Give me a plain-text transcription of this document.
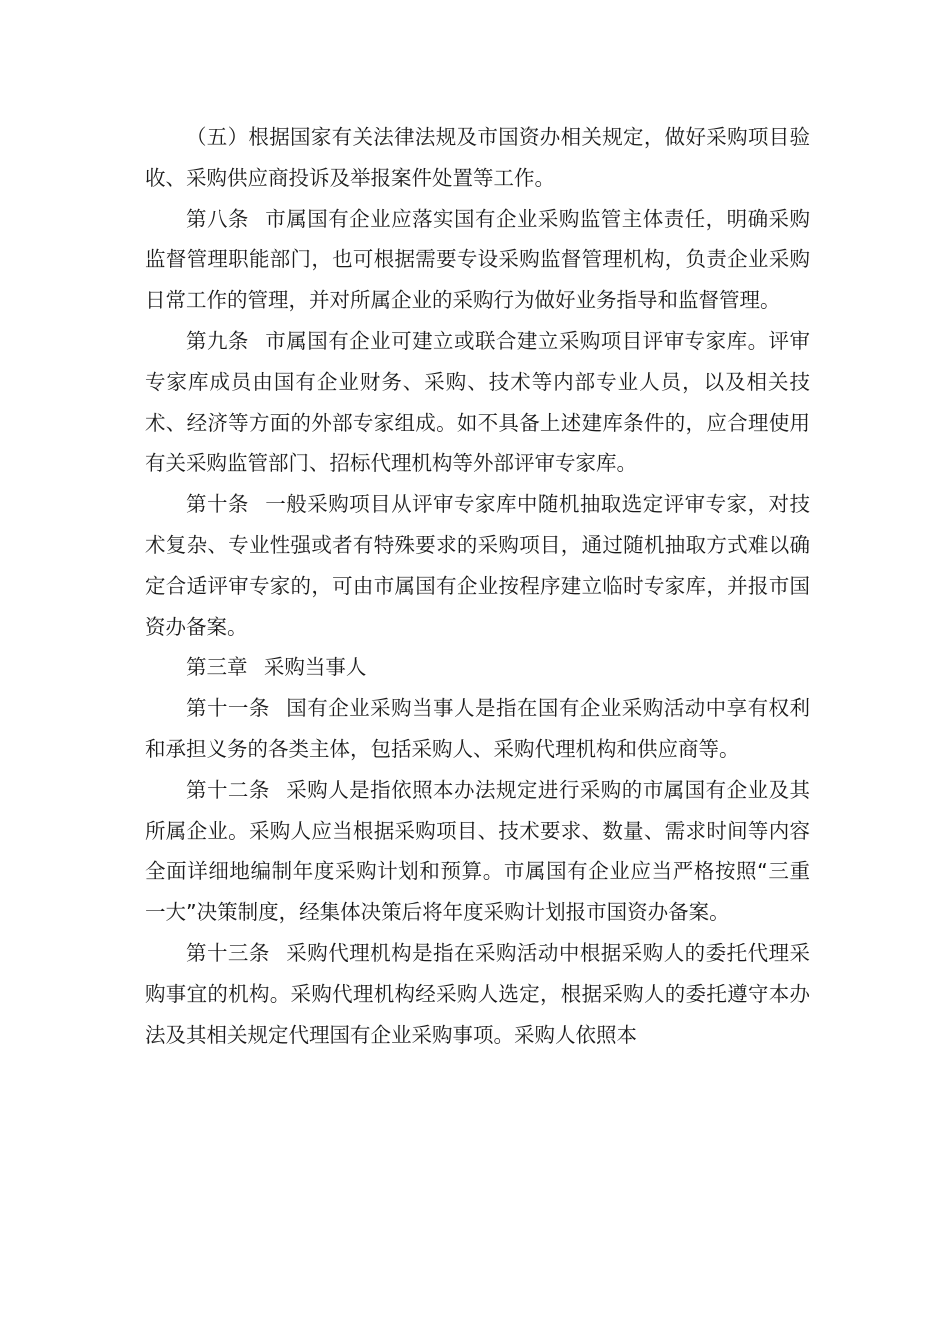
（五）根据国家有关法律法规及市国资办相关规定，做好采购项目验收、采购供应商投诉及举报案件处置等工作。

第八条 市属国有企业应落实国有企业采购监管主体责任，明确采购监督管理职能部门，也可根据需要专设采购监督管理机构，负责企业采购日常工作的管理，并对所属企业的采购行为做好业务指导和监督管理。

第九条 市属国有企业可建立或联合建立采购项目评审专家库。评审专家库成员由国有企业财务、采购、技术等内部专业人员，以及相关技术、经济等方面的外部专家组成。如不具备上述建库条件的，应合理使用有关采购监管部门、招标代理机构等外部评审专家库。

第十条 一般采购项目从评审专家库中随机抽取选定评审专家，对技术复杂、专业性强或者有特殊要求的采购项目，通过随机抽取方式难以确定合适评审专家的，可由市属国有企业按程序建立临时专家库，并报市国资办备案。

第三章 采购当事人

第十一条 国有企业采购当事人是指在国有企业采购活动中享有权利和承担义务的各类主体，包括采购人、采购代理机构和供应商等。

第十二条 采购人是指依照本办法规定进行采购的市属国有企业及其所属企业。采购人应当根据采购项目、技术要求、数量、需求时间等内容全面详细地编制年度采购计划和预算。市属国有企业应当严格按照“三重一大”决策制度，经集体决策后将年度采购计划报市国资办备案。

第十三条 采购代理机构是指在采购活动中根据采购人的委托代理采购事宜的机构。采购代理机构经采购人选定，根据采购人的委托遵守本办法及其相关规定代理国有企业采购事项。采购人依照本
